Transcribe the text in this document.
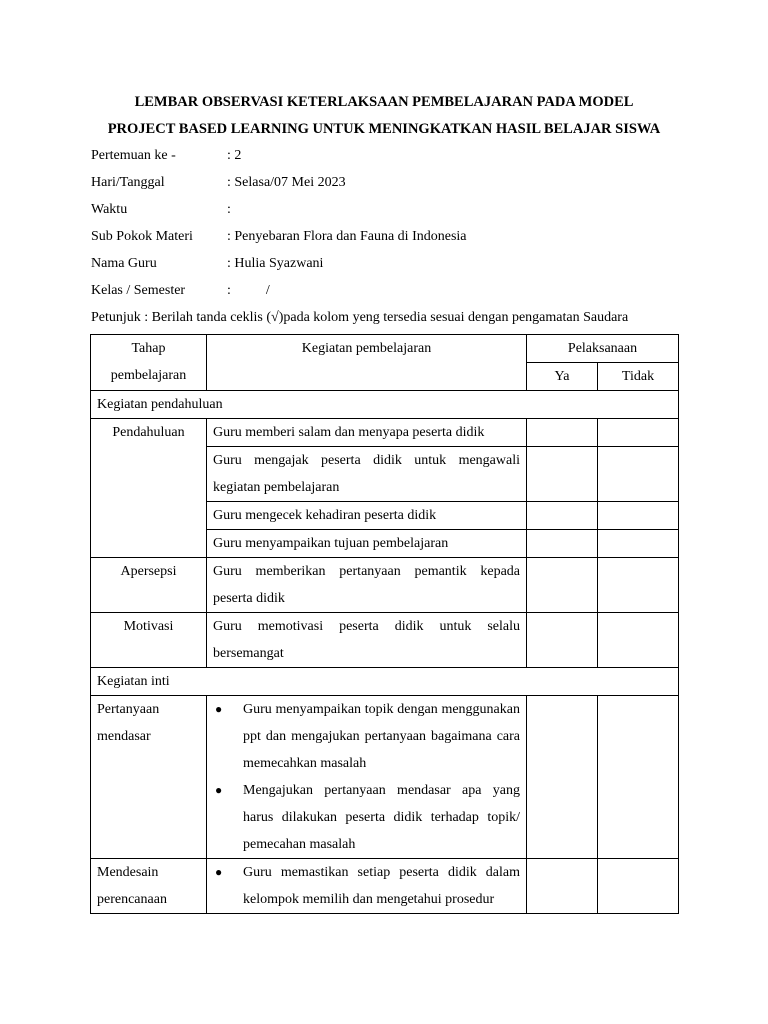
LEMBAR OBSERVASI KETERLAKSAAN PEMBELAJARAN PADA MODEL
PROJECT BASED LEARNING UNTUK MENINGKATKAN HASIL BELAJAR SISWA
Pertemuan ke -	: 2
Hari/Tanggal	: Selasa/07 Mei 2023
Waktu	:
Sub Pokok Materi	: Penyebaran Flora dan Fauna di Indonesia
Nama Guru	: Hulia Syazwani
Kelas / Semester	:          /
Petunjuk : Berilah tanda ceklis (√)pada kolom yeng tersedia sesuai dengan pengamatan Saudara
Tahap
pembelajaran	Kegiatan pembelajaran	Pelaksanaan	
		Ya	Tidak
Kegiatan pendahuluan			
Pendahuluan	Guru memberi salam dan menyapa peserta didik		
	Guru mengajak peserta didik untuk mengawali kegiatan pembelajaran		
	Guru mengecek kehadiran peserta didik		
	Guru menyampaikan tujuan pembelajaran		
Apersepsi	Guru memberikan pertanyaan pemantik kepada peserta didik		
Motivasi	Guru memotivasi peserta didik untuk selalu bersemangat		
Kegiatan inti			
Pertanyaan mendasar	● Guru menyampaikan topik dengan menggunakan ppt dan mengajukan pertanyaan bagaimana cara memecahkan masalah
● Mengajukan pertanyaan mendasar apa yang harus dilakukan peserta didik terhadap topik/ pemecahan masalah		

Mendesain perencanaan	● Guru memastikan setiap peserta didik dalam kelompok memilih dan mengetahui prosedur		
